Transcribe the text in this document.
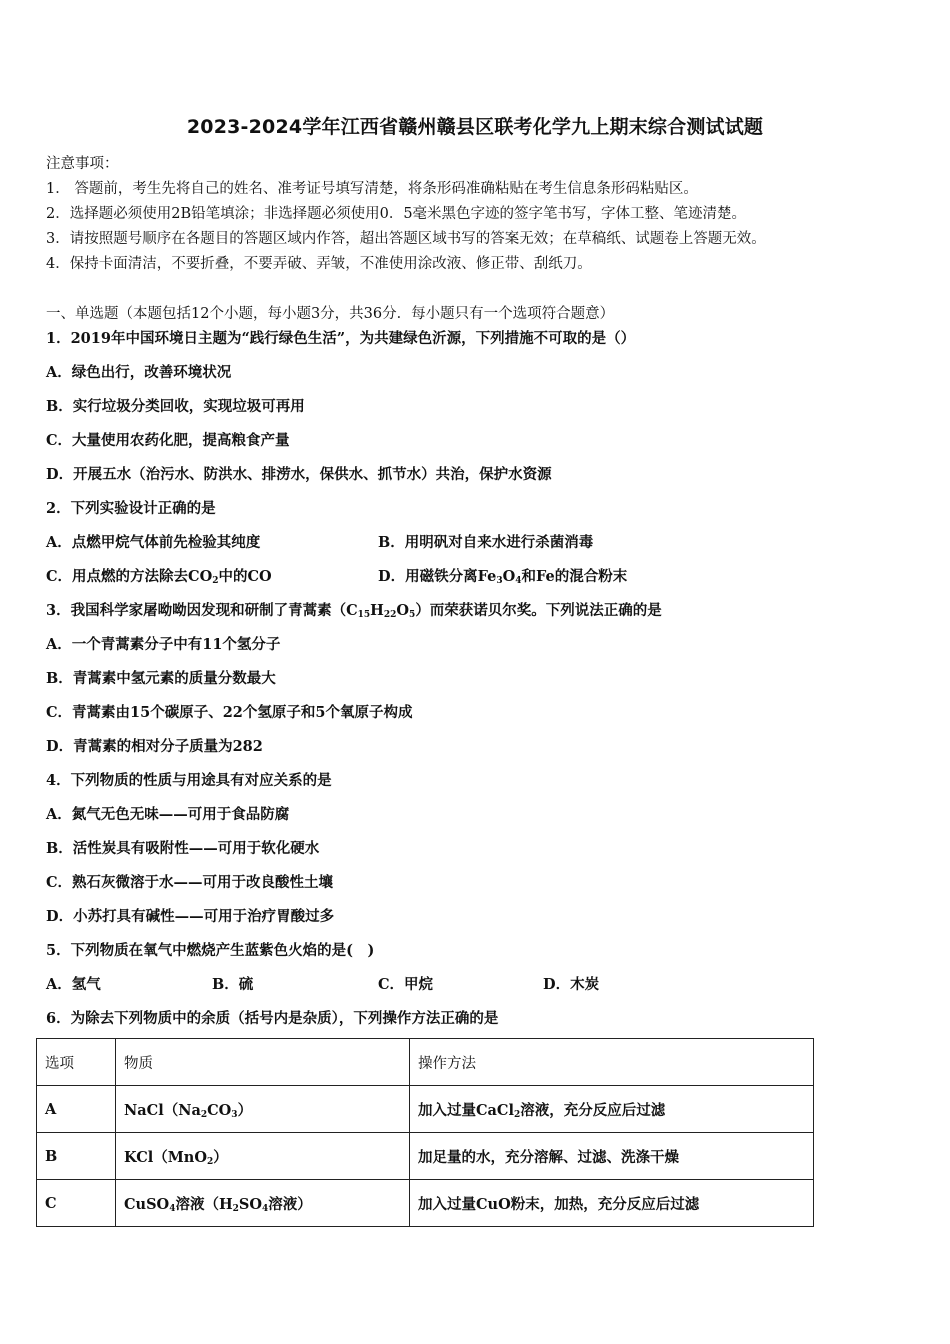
2023-2024学年江西省赣州赣县区联考化学九上期末综合测试试题
注意事项：
1． 答题前，考生先将自己的姓名、准考证号填写清楚，将条形码准确粘贴在考生信息条形码粘贴区。
2．选择题必须使用2B铅笔填涂；非选择题必须使用0．5毫米黑色字迹的签字笔书写，字体工整、笔迹清楚。
3．请按照题号顺序在各题目的答题区域内作答，超出答题区域书写的答案无效；在草稿纸、试题卷上答题无效。
4．保持卡面清洁，不要折叠，不要弄破、弄皱，不准使用涂改液、修正带、刮纸刀。
一、单选题（本题包括12个小题，每小题3分，共36分．每小题只有一个选项符合题意）
1．2019年中国环境日主题为“践行绿色生活”，为共建绿色沂源，下列措施不可取的是（）
A．绿色出行，改善环境状况
B．实行垃圾分类回收，实现垃圾可再用
C．大量使用农药化肥，提高粮食产量
D．开展五水（治污水、防洪水、排涝水，保供水、抓节水）共治，保护水资源
2．下列实验设计正确的是
A．点燃甲烷气体前先检验其纯度	B．用明矾对自来水进行杀菌消毒
C．用点燃的方法除去$CO_2$中的CO	D．用磁铁分离$Fe_3O_4$和Fe的混合粉末
3．我国科学家屠呦呦因发现和研制了青蒿素$(C_{15}H_{22}O_5)$而荣获诺贝尔奖。下列说法正确的是
A．一个青蒿素分子中有11个氢分子
B．青蒿素中氢元素的质量分数最大
C．青蒿素由15个碳原子、22个氢原子和5个氧原子构成
D．青蒿素的相对分子质量为282
4．下列物质的性质与用途具有对应关系的是
A．氮气无色无味——可用于食品防腐
B．活性炭具有吸附性——可用于软化硬水
C．熟石灰微溶于水——可用于改良酸性土壤
D．小苏打具有碱性——可用于治疗胃酸过多
5．下列物质在氧气中燃烧产生蓝紫色火焰的是(　)
A．氢气	B．硫	C．甲烷	D．木炭
6．为除去下列物质中的余质（括号内是杂质），下列操作方法正确的是
选项	物质	操作方法
A	$NaCl(Na_2CO_3)$	加入过量CaCl$_2$溶液，充分反应后过滤
B	KCl（MnO$_2$）	加足量的水，充分溶解、过滤、洗涤干燥
C	CuSO$_4$溶液（$H_2SO_4$溶液）	加入过量CuO粉末，加热，充分反应后过滤
